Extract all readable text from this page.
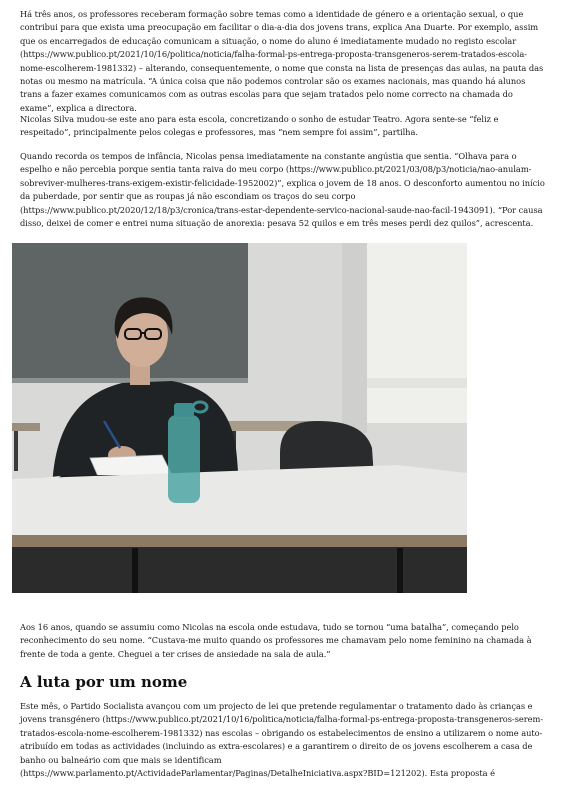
Há três anos, os professores receberam formação sobre temas como a identidade de género e a orientação sexual, o que contribui para que exista uma preocupação em facilitar o dia-a-dia dos jovens trans, explica Ana Duarte. Por exemplo, assim que os encarregados de educação comunicam a situação, o nome do aluno é imediatamente mudado no registo escolar (https://www.publico.pt/2021/10/16/politica/noticia/falha-formal-ps-entrega-proposta-transgeneros-serem-tratados-escola-nome-escolherem-1981332) – alterando, consequentemente, o nome que consta na lista de presenças das aulas, na pauta das notas ou mesmo na matrícula. “A única coisa que não podemos controlar são os exames nacionais, mas quando há alunos trans a fazer exames comunicamos com as outras escolas para que sejam tratados pelo nome correcto na chamada do exame”, explica a directora.

Nicolas Silva mudou-se este ano para esta escola, concretizando o sonho de estudar Teatro. Agora sente-se “feliz e respeitado”, principalmente pelos colegas e professores, mas “nem sempre foi assim”, partilha.

Quando recorda os tempos de infância, Nicolas pensa imediatamente na constante angústia que sentia. “Olhava para o espelho e não percebia porque sentia tanta raiva do meu corpo (https://www.publico.pt/2021/03/08/p3/noticia/nao-anulam-sobreviver-mulheres-trans-exigem-existir-felicidade-1952002)”, explica o jovem de 18 anos. O desconforto aumentou no início da puberdade, por sentir que as roupas já não escondiam os traços do seu corpo (https://www.publico.pt/2020/12/18/p3/cronica/trans-estar-dependente-servico-nacional-saude-nao-facil-1943091). “Por causa disso, deixei de comer e entrei numa situação de anorexia: pesava 52 quilos e em três meses perdi dez quilos”, acrescenta.

Aos 16 anos, quando se assumiu como Nicolas na escola onde estudava, tudo se tornou “uma batalha”, começando pelo reconhecimento do seu nome. “Custava-me muito quando os professores me chamavam pelo nome feminino na chamada à frente de toda a gente. Cheguei a ter crises de ansiedade na sala de aula.”

A luta por um nome

Este mês, o Partido Socialista avançou com um projecto de lei que pretende regulamentar o tratamento dado às crianças e jovens transgénero (https://www.publico.pt/2021/10/16/politica/noticia/falha-formal-ps-entrega-proposta-transgeneros-serem-tratados-escola-nome-escolherem-1981332) nas escolas – obrigando os estabelecimentos de ensino a utilizarem o nome auto-atribuído em todas as actividades (incluindo as extra-escolares) e a garantirem o direito de os jovens escolherem a casa de banho ou balneário com que mais se identificam (https://www.parlamento.pt/ActividadeParlamentar/Paginas/DetalheIniciativa.aspx?BID=121202). Esta proposta é
